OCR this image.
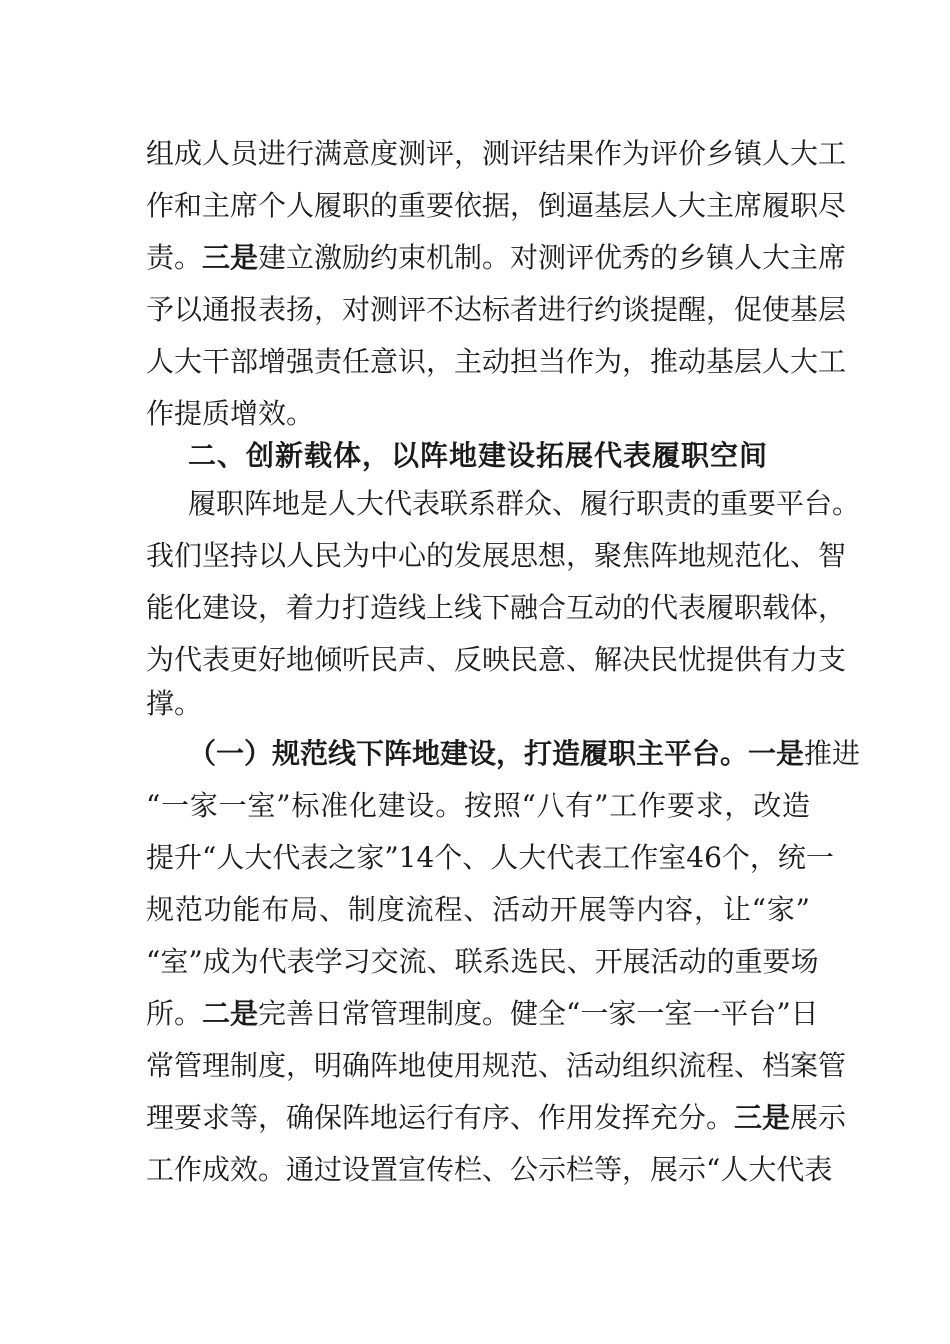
组成人员进行满意度测评，测评结果作为评价乡镇人大工
作和主席个人履职的重要依据，倒逼基层人大主席履职尽
责。三是建立激励约束机制。对测评优秀的乡镇人大主席
予以通报表扬，对测评不达标者进行约谈提醒，促使基层
人大干部增强责任意识，主动担当作为，推动基层人大工
作提质增效。
二、创新载体，以阵地建设拓展代表履职空间
履职阵地是人大代表联系群众、履行职责的重要平台。
我们坚持以人民为中心的发展思想，聚焦阵地规范化、智
能化建设，着力打造线上线下融合互动的代表履职载体，
为代表更好地倾听民声、反映民意、解决民忧提供有力支
撑。
（一）规范线下阵地建设，打造履职主平台。一是推进
“一家一室”标准化建设。按照“八有”工作要求，改造
提升“人大代表之家”14个、人大代表工作室46个，统一
规范功能布局、制度流程、活动开展等内容，让“家”
“室”成为代表学习交流、联系选民、开展活动的重要场
所。二是完善日常管理制度。健全“一家一室一平台”日
常管理制度，明确阵地使用规范、活动组织流程、档案管
理要求等，确保阵地运行有序、作用发挥充分。三是展示
工作成效。通过设置宣传栏、公示栏等，展示“人大代表
